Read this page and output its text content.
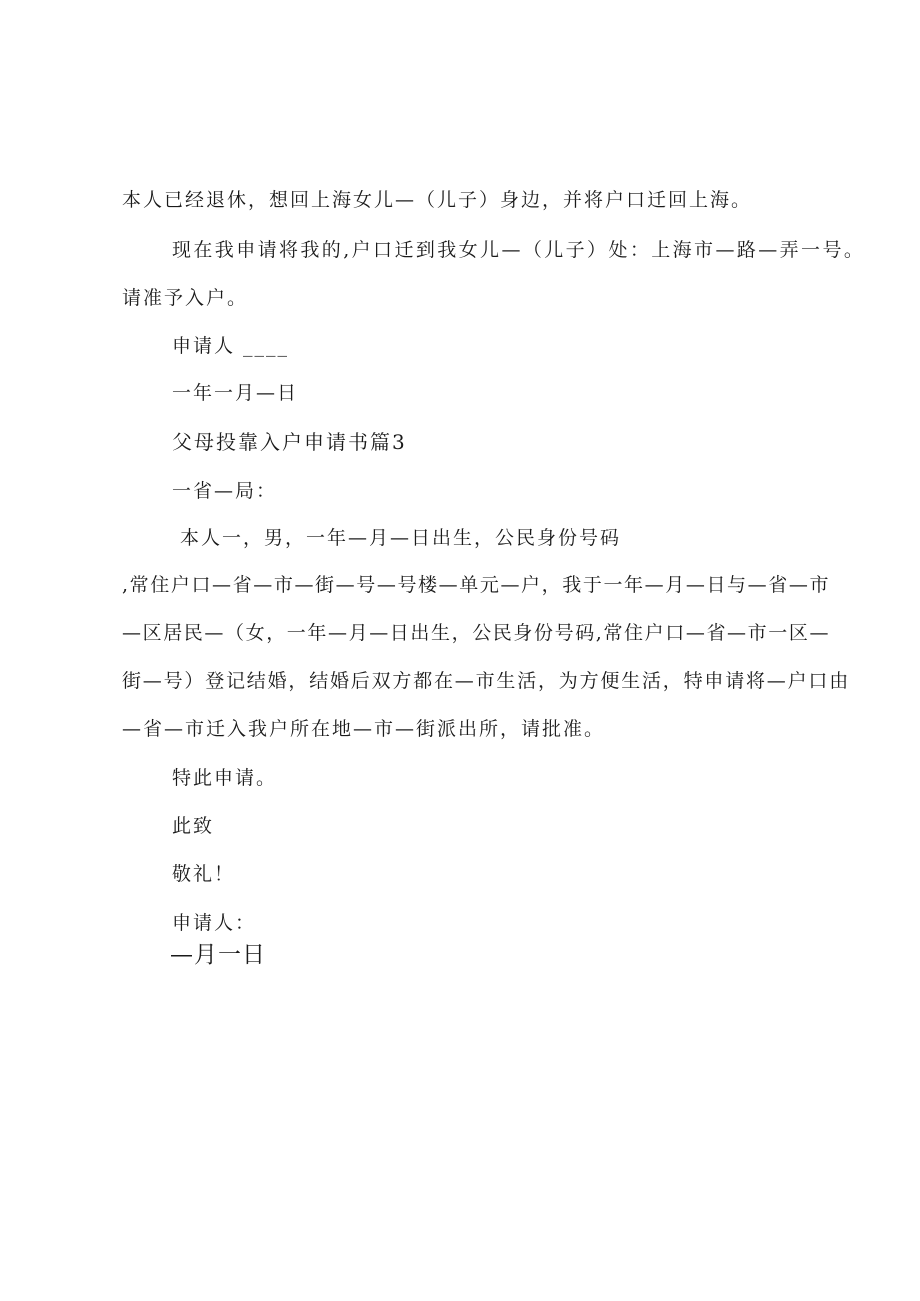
本人已经退休，想回上海女儿—（儿子）身边，并将户口迁回上海。
现在我申请将我的,户口迁到我女儿—（儿子）处：上海市—路—弄一号。
请准予入户。
申请人 ____
一年一月—日
父母投靠入户申请书篇3
一省—局：
本人一，男，一年—月—日出生，公民身份号码
,常住户口—省—市—街—号—号楼—单元—户，我于一年—月—日与—省—市
—区居民—（女，一年—月—日出生，公民身份号码,常住户口—省—市一区—
街—号）登记结婚，结婚后双方都在—市生活，为方便生活，特申请将—户口由
—省—市迁入我户所在地—市—街派出所，请批准。
特此申请。
此致
敬礼！
申请人：
—月一日
